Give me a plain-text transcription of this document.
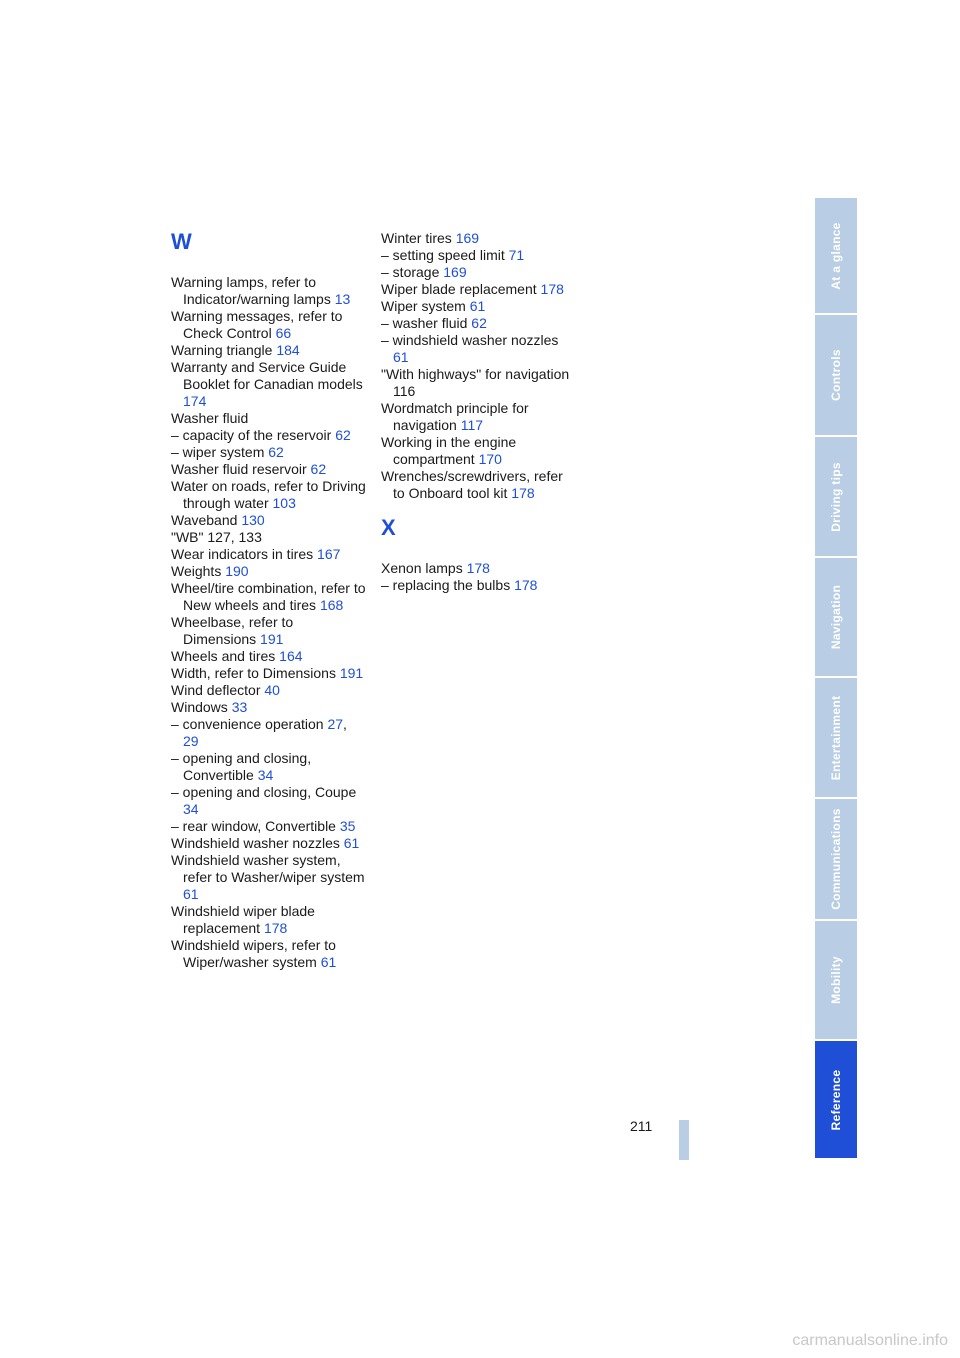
W
Warning lamps, refer to Indicator/warning lamps 13
Warning messages, refer to Check Control 66
Warning triangle 184
Warranty and Service Guide Booklet for Canadian models 174
Washer fluid
– capacity of the reservoir 62
– wiper system 62
Washer fluid reservoir 62
Water on roads, refer to Driving through water 103
Waveband 130
"WB" 127, 133
Wear indicators in tires 167
Weights 190
Wheel/tire combination, refer to New wheels and tires 168
Wheelbase, refer to Dimensions 191
Wheels and tires 164
Width, refer to Dimensions 191
Wind deflector 40
Windows 33
– convenience operation 27, 29
– opening and closing, Convertible 34
– opening and closing, Coupe 34
– rear window, Convertible 35
Windshield washer nozzles 61
Windshield washer system, refer to Washer/wiper system 61
Windshield wiper blade replacement 178
Windshield wipers, refer to Wiper/washer system 61
Winter tires 169
– setting speed limit 71
– storage 169
Wiper blade replacement 178
Wiper system 61
– washer fluid 62
– windshield washer nozzles 61
"With highways" for navigation 116
Wordmatch principle for navigation 117
Working in the engine compartment 170
Wrenches/screwdrivers, refer to Onboard tool kit 178
X
Xenon lamps 178
– replacing the bulbs 178
At a glance
Controls
Driving tips
Navigation
Entertainment
Communications
Mobility
Reference
211
carmanualsonline.info
